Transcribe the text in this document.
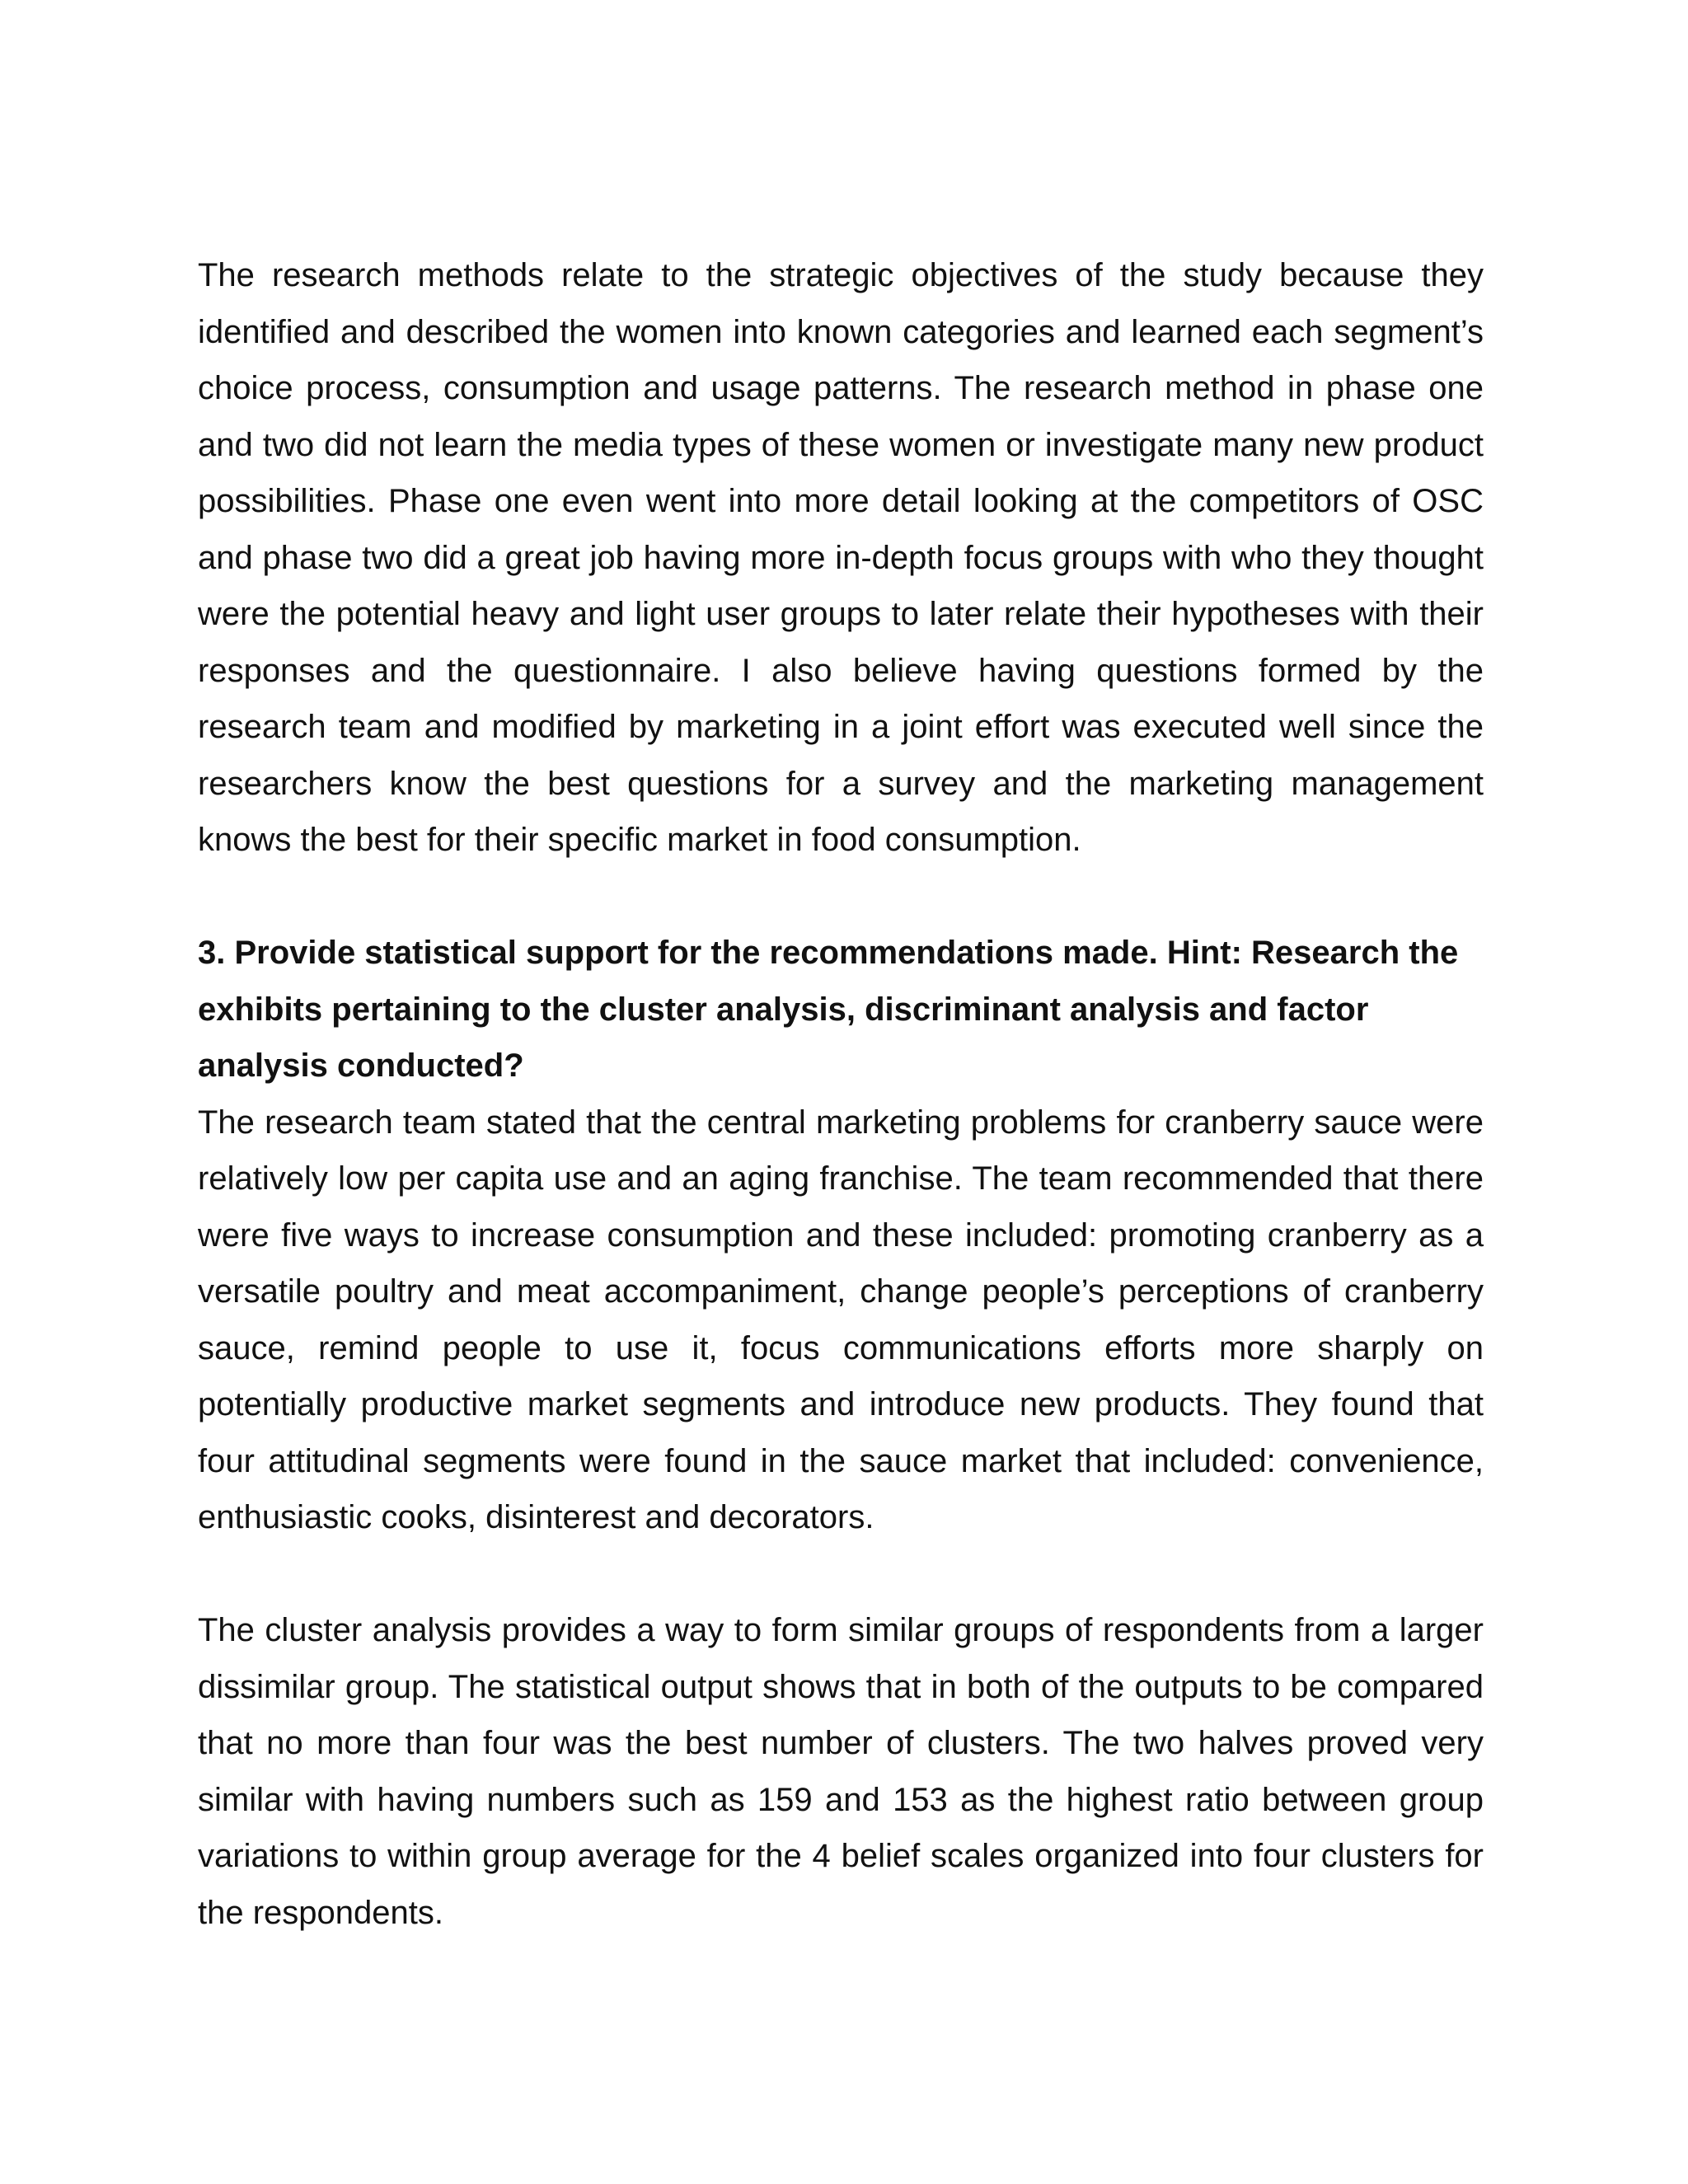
The research methods relate to the strategic objectives of the study because they identified and described the women into known categories and learned each segment’s choice process, consumption and usage patterns. The research method in phase one and two did not learn the media types of these women or investigate many new product possibilities. Phase one even went into more detail looking at the competitors of OSC and phase two did a great job having more in-depth focus groups with who they thought were the potential heavy and light user groups to later relate their hypotheses with their responses and the questionnaire. I also believe having questions formed by the research team and modified by marketing in a joint effort was executed well since the researchers know the best questions for a survey and the marketing management knows the best for their specific market in food consumption.

3. Provide statistical support for the recommendations made. Hint: Research the exhibits pertaining to the cluster analysis, discriminant analysis and factor analysis conducted?

The research team stated that the central marketing problems for cranberry sauce were relatively low per capita use and an aging franchise. The team recommended that there were five ways to increase consumption and these included: promoting cranberry as a versatile poultry and meat accompaniment, change people’s perceptions of cranberry sauce, remind people to use it, focus communications efforts more sharply on potentially productive market segments and introduce new products. They found that four attitudinal segments were found in the sauce market that included: convenience, enthusiastic cooks, disinterest and decorators.

The cluster analysis provides a way to form similar groups of respondents from a larger dissimilar group. The statistical output shows that in both of the outputs to be compared that no more than four was the best number of clusters. The two halves proved very similar with having numbers such as 159 and 153 as the highest ratio between group variations to within group average for the 4 belief scales organized into four clusters for the respondents.
